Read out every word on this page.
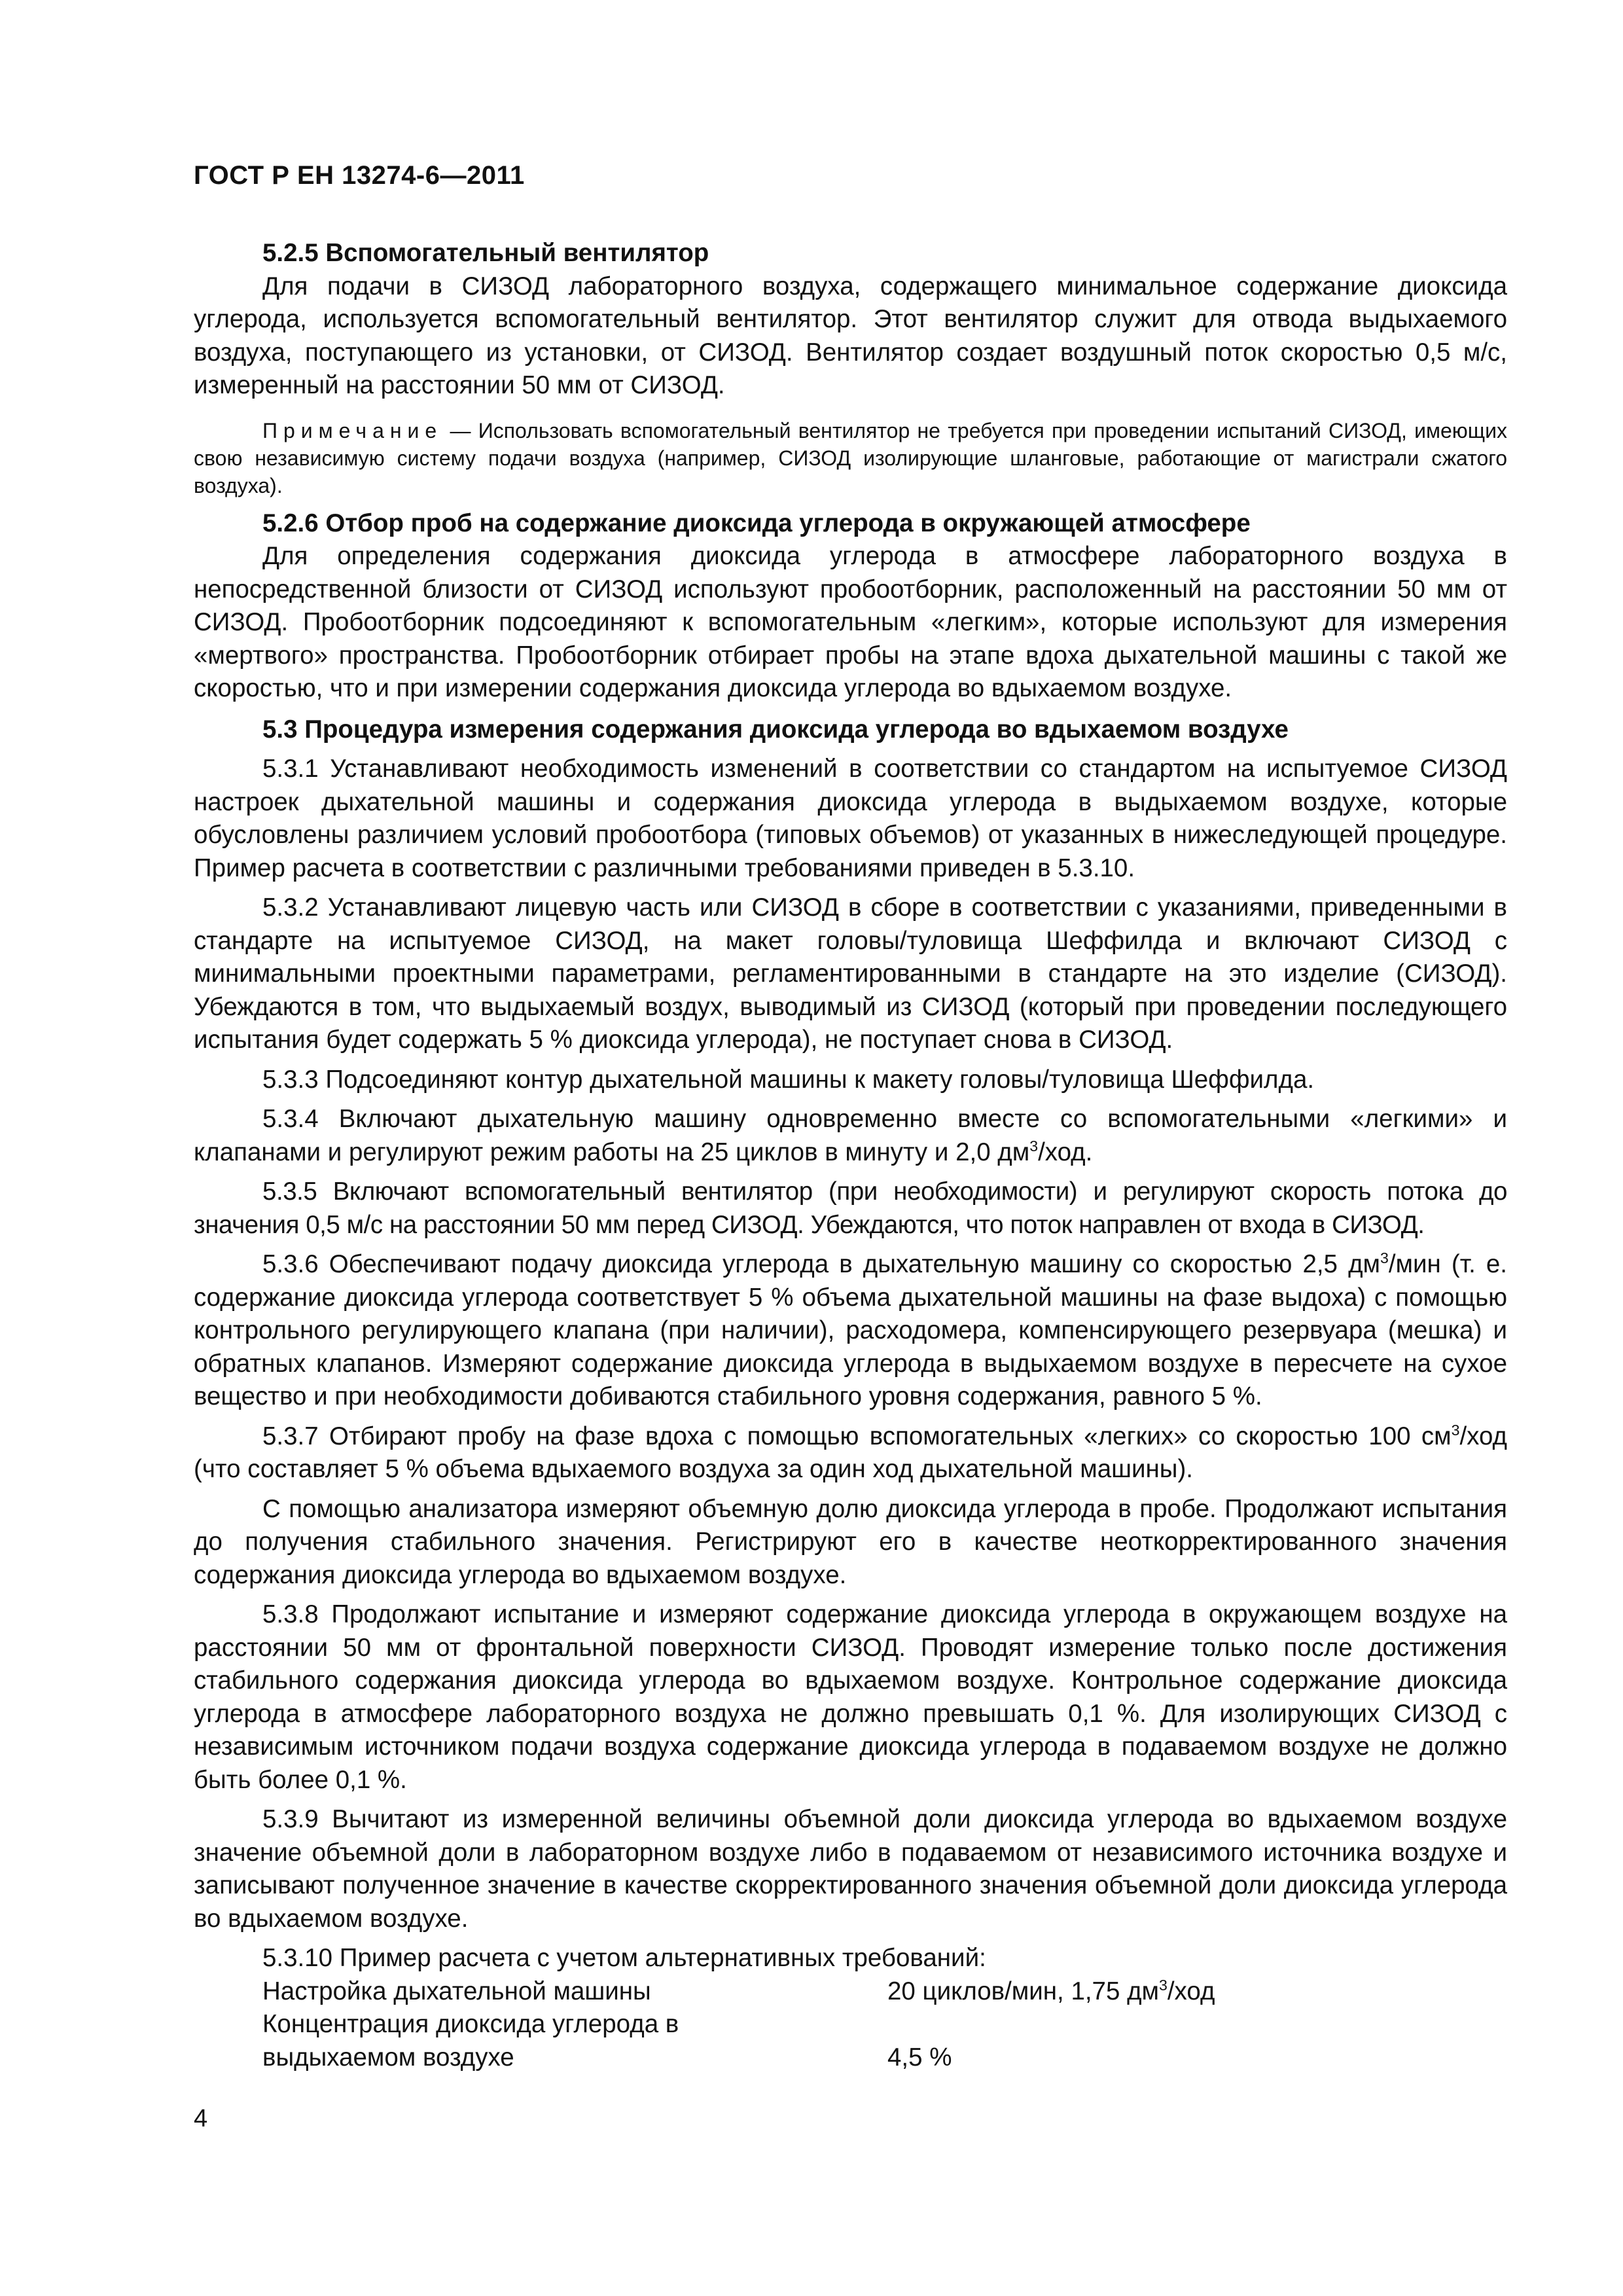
ГОСТ Р ЕН 13274-6—2011

5.2.5 Вспомогательный вентилятор

Для подачи в СИЗОД лабораторного воздуха, содержащего минимальное содержание диоксида углерода, используется вспомогательный вентилятор. Этот вентилятор служит для отвода выдыхаемого воздуха, поступающего из установки, от СИЗОД. Вентилятор создает воздушный поток скоростью 0,5 м/с, измеренный на расстоянии 50 мм от СИЗОД.

Примечание — Использовать вспомогательный вентилятор не требуется при проведении испытаний СИЗОД, имеющих свою независимую систему подачи воздуха (например, СИЗОД изолирующие шланговые, работающие от магистрали сжатого воздуха).

5.2.6 Отбор проб на содержание диоксида углерода в окружающей атмосфере

Для определения содержания диоксида углерода в атмосфере лабораторного воздуха в непосредственной близости от СИЗОД используют пробоотборник, расположенный на расстоянии 50 мм от СИЗОД. Пробоотборник подсоединяют к вспомогательным «легким», которые используют для измерения «мертвого» пространства. Пробоотборник отбирает пробы на этапе вдоха дыхательной машины с такой же скоростью, что и при измерении содержания диоксида углерода во вдыхаемом воздухе.

5.3 Процедура измерения содержания диоксида углерода во вдыхаемом воздухе

5.3.1 Устанавливают необходимость изменений в соответствии со стандартом на испытуемое СИЗОД настроек дыхательной машины и содержания диоксида углерода в выдыхаемом воздухе, которые обусловлены различием условий пробоотбора (типовых объемов) от указанных в нижеследующей процедуре. Пример расчета в соответствии с различными требованиями приведен в 5.3.10.

5.3.2 Устанавливают лицевую часть или СИЗОД в сборе в соответствии с указаниями, приведенными в стандарте на испытуемое СИЗОД, на макет головы/туловища Шеффилда и включают СИЗОД с минимальными проектными параметрами, регламентированными в стандарте на это изделие (СИЗОД). Убеждаются в том, что выдыхаемый воздух, выводимый из СИЗОД (который при проведении последующего испытания будет содержать 5 % диоксида углерода), не поступает снова в СИЗОД.

5.3.3 Подсоединяют контур дыхательной машины к макету головы/туловища Шеффилда.

5.3.4 Включают дыхательную машину одновременно вместе со вспомогательными «легкими» и клапанами и регулируют режим работы на 25 циклов в минуту и 2,0 $дм^3$/ход.

5.3.5 Включают вспомогательный вентилятор (при необходимости) и регулируют скорость потока до значения 0,5 м/с на расстоянии 50 мм перед СИЗОД. Убеждаются, что поток направлен от входа в СИЗОД.

5.3.6 Обеспечивают подачу диоксида углерода в дыхательную машину со скоростью 2,5 $дм^3$/мин (т. е. содержание диоксида углерода соответствует 5 % объема дыхательной машины на фазе выдоха) с помощью контрольного регулирующего клапана (при наличии), расходомера, компенсирующего резервуара (мешка) и обратных клапанов. Измеряют содержание диоксида углерода в выдыхаемом воздухе в пересчете на сухое вещество и при необходимости добиваются стабильного уровня содержания, равного 5 %.

5.3.7 Отбирают пробу на фазе вдоха с помощью вспомогательных «легких» со скоростью 100 $см^3$/ход (что составляет 5 % объема вдыхаемого воздуха за один ход дыхательной машины).

С помощью анализатора измеряют объемную долю диоксида углерода в пробе. Продолжают испытания до получения стабильного значения. Регистрируют его в качестве неоткорректированного значения содержания диоксида углерода во вдыхаемом воздухе.

5.3.8 Продолжают испытание и измеряют содержание диоксида углерода в окружающем воздухе на расстоянии 50 мм от фронтальной поверхности СИЗОД. Проводят измерение только после достижения стабильного содержания диоксида углерода во вдыхаемом воздухе. Контрольное содержание диоксида углерода в атмосфере лабораторного воздуха не должно превышать 0,1 %. Для изолирующих СИЗОД с независимым источником подачи воздуха содержание диоксида углерода в подаваемом воздухе не должно быть более 0,1 %.

5.3.9 Вычитают из измеренной величины объемной доли диоксида углерода во вдыхаемом воздухе значение объемной доли в лабораторном воздухе либо в подаваемом от независимого источника воздухе и записывают полученное значение в качестве скорректированного значения объемной доли диоксида углерода во вдыхаемом воздухе.

5.3.10 Пример расчета с учетом альтернативных требований:

Настройка дыхательной машины	20 циклов/мин, 1,75 $дм^3$/ход
Концентрация диоксида углерода в
выдыхаемом воздухе
	4,5 %
4
